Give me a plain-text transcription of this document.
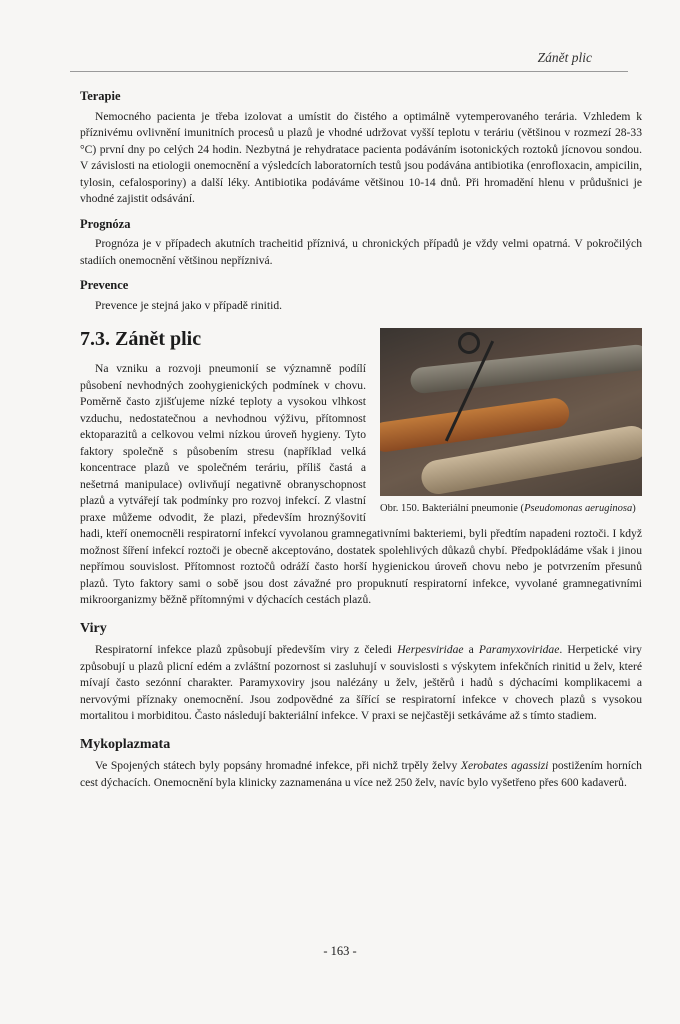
Zánět plic
Terapie

Nemocného pacienta je třeba izolovat a umístit do čistého a optimálně vytemperovaného terária. Vzhledem k příznivému ovlivnění imunitních procesů u plazů je vhodné udržovat vyšší teplotu v teráriu (většinou v rozmezí 28-33 °C) první dny po celých 24 hodin. Nezbytná je rehydratace pacienta podáváním isotonických roztoků jícnovou sondou. V závislosti na etiologii onemocnění a výsledcích laboratorních testů jsou podávána antibiotika (enrofloxacin, ampicilin, tylosin, cefalosporiny) a další léky. Antibiotika podáváme většinou 10-14 dnů. Při hromadění hlenu v průdušnici je vhodné zajistit odsávání.

Prognóza

Prognóza je v případech akutních tracheitid příznivá, u chronických případů je vždy velmi opatrná. V pokročilých stadiích onemocnění většinou nepříznivá.

Prevence

Prevence je stejná jako v případě rinitid.

7.3. Zánět plic
Obr. 150. Bakteriální pneumonie (Pseudomonas aeruginosa)

Na vzniku a rozvoji pneumonií se významně podílí působení nevhodných zoohygienických podmínek v chovu. Poměrně často zjišťujeme nízké teploty a vysokou vlhkost vzduchu, nedostatečnou a nevhodnou výživu, přítomnost ektoparazitů a celkovou velmi nízkou úroveň hygieny. Tyto faktory společně s působením stresu (například velká koncentrace plazů ve společném teráriu, příliš častá a nešetrná manipulace) ovlivňují negativně obranyschopnost plazů a vytvářejí tak podmínky pro rozvoj infekcí. Z vlastní praxe můžeme odvodit, že plazi, především hroznýšovití hadi, kteří onemocněli respiratorní infekcí vyvolanou gramnegativními bakteriemi, byli předtím napadeni roztoči. I když možnost šíření infekcí roztoči je obecně akceptováno, dostatek spolehlivých důkazů chybí. Předpokládáme však i jinou nepřímou souvislost. Přítomnost roztočů odráží často horší hygienickou úroveň chovu nebo je potvrzením přesunů plazů. Tyto faktory sami o sobě jsou dost závažné pro propuknutí respiratorní infekce, vyvolané gramnegativními mikroorganizmy běžně přítomnými v dýchacích cestách plazů.

Viry

Respiratorní infekce plazů způsobují především viry z čeledi Herpesviridae a Paramyxoviridae. Herpetické viry způsobují u plazů plicní edém a zvláštní pozornost si zasluhují v souvislosti s výskytem infekčních rinitid u želv, které mívají často sezónní charakter. Paramyxoviry jsou nalézány u želv, ještěrů i hadů s dýchacími komplikacemi a nervovými příznaky onemocnění. Jsou zodpovědné za šířící se respiratorní infekce v chovech plazů s vysokou mortalitou i morbiditou. Často následují bakteriální infekce. V praxi se nejčastěji setkáváme až s tímto stadiem.

Mykoplazmata

Ve Spojených státech byly popsány hromadné infekce, při nichž trpěly želvy Xerobates agassizi postižením horních cest dýchacích. Onemocnění byla klinicky zaznamenána u více než 250 želv, navíc bylo vyšetřeno přes 600 kadaverů.

- 163 -
